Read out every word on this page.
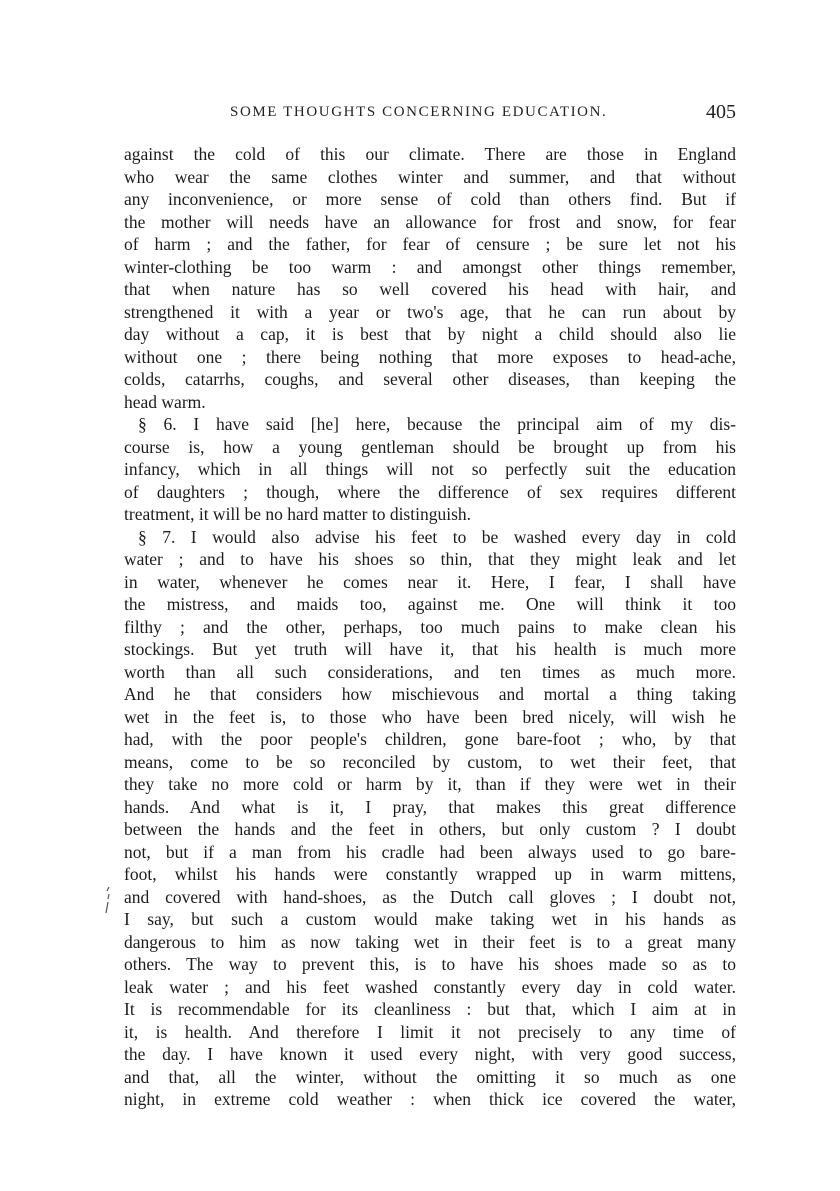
SOME THOUGHTS CONCERNING EDUCATION.	405
against the cold of this our climate. There are those in England
who wear the same clothes winter and summer, and that without
any inconvenience, or more sense of cold than others find. But if
the mother will needs have an allowance for frost and snow, for fear
of harm ; and the father, for fear of censure ; be sure let not his
winter-clothing be too warm : and amongst other things remember,
that when nature has so well covered his head with hair, and
strengthened it with a year or two's age, that he can run about by
day without a cap, it is best that by night a child should also lie
without one ; there being nothing that more exposes to head-ache,
colds, catarrhs, coughs, and several other diseases, than keeping the
head warm.
§ 6. I have said [he] here, because the principal aim of my dis-
course is, how a young gentleman should be brought up from his
infancy, which in all things will not so perfectly suit the education
of daughters ; though, where the difference of sex requires different
treatment, it will be no hard matter to distinguish.
§ 7. I would also advise his feet to be washed every day in cold
water ; and to have his shoes so thin, that they might leak and let
in water, whenever he comes near it. Here, I fear, I shall have
the mistress, and maids too, against me. One will think it too
filthy ; and the other, perhaps, too much pains to make clean his
stockings. But yet truth will have it, that his health is much more
worth than all such considerations, and ten times as much more.
And he that considers how mischievous and mortal a thing taking
wet in the feet is, to those who have been bred nicely, will wish he
had, with the poor people's children, gone bare-foot ; who, by that
means, come to be so reconciled by custom, to wet their feet, that
they take no more cold or harm by it, than if they were wet in their
hands. And what is it, I pray, that makes this great difference
between the hands and the feet in others, but only custom ? I doubt
not, but if a man from his cradle had been always used to go bare-
foot, whilst his hands were constantly wrapped up in warm mittens,
and covered with hand-shoes, as the Dutch call gloves ; I doubt not,
I say, but such a custom would make taking wet in his hands as
dangerous to him as now taking wet in their feet is to a great many
others. The way to prevent this, is to have his shoes made so as to
leak water ; and his feet washed constantly every day in cold water.
It is recommendable for its cleanliness : but that, which I aim at in
it, is health. And therefore I limit it not precisely to any time of
the day. I have known it used every night, with very good success,
and that, all the winter, without the omitting it so much as one
night, in extreme cold weather : when thick ice covered the water,
